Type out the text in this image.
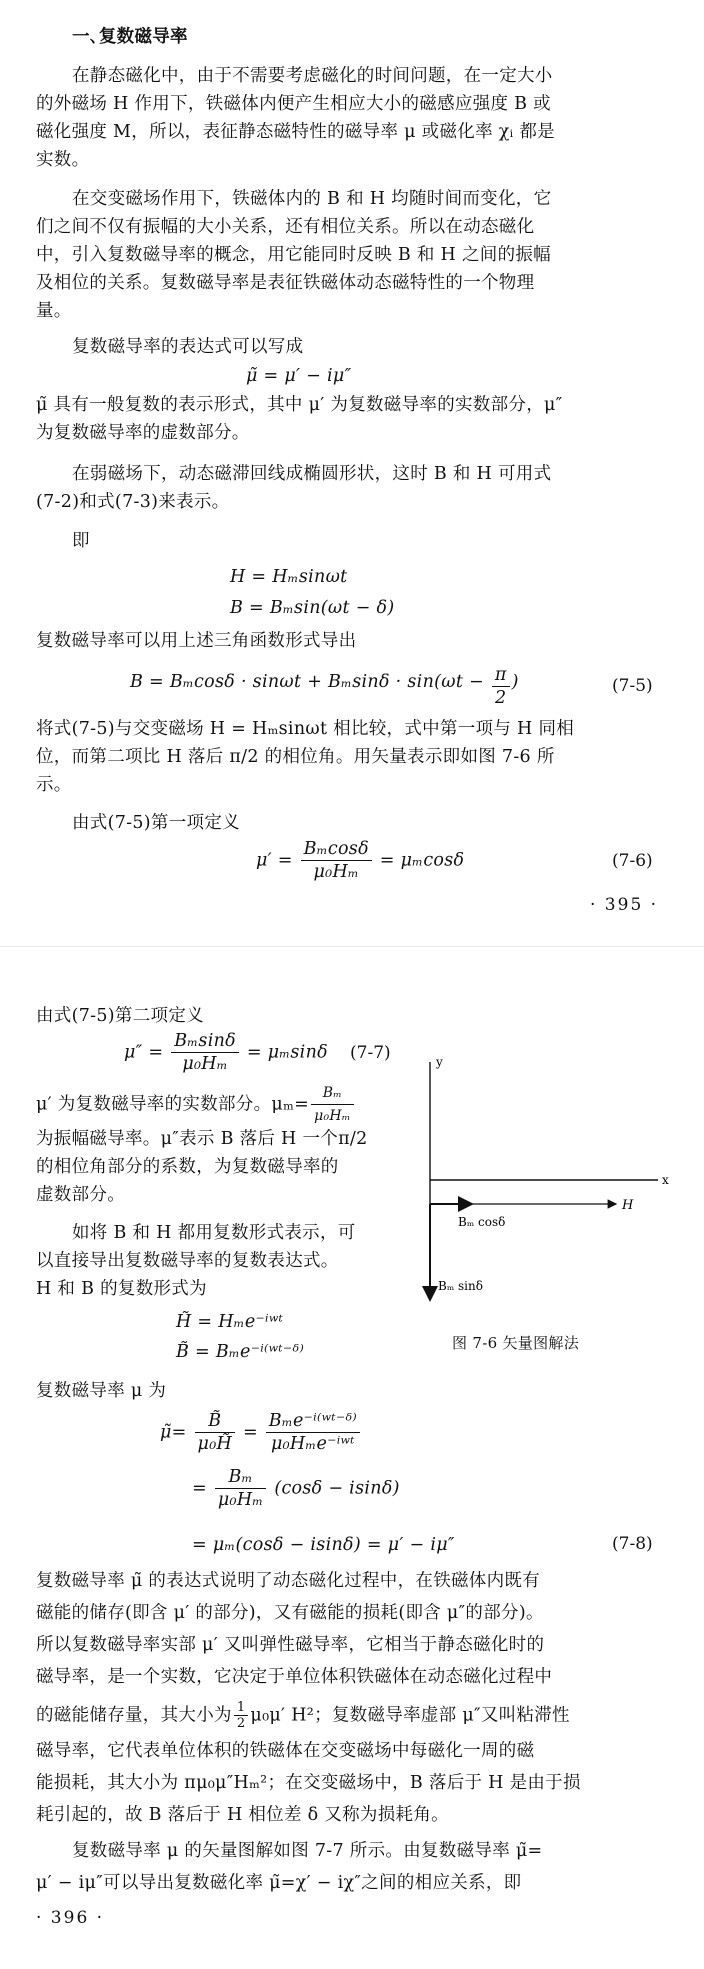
一､复数磁导率
在静态磁化中，由于不需要考虑磁化的时间问题，在一定大小
的外磁场 H 作用下，铁磁体内便产生相应大小的磁感应强度 B 或
磁化强度 M，所以，表征静态磁特性的磁导率 μ 或磁化率 χᵢ 都是
实数。
在交变磁场作用下，铁磁体内的 B 和 H 均随时间而变化，它
们之间不仅有振幅的大小关系，还有相位关系。所以在动态磁化
中，引入复数磁导率的概念，用它能同时反映 B 和 H 之间的振幅
及相位的关系。复数磁导率是表征铁磁体动态磁特性的一个物理
量。
复数磁导率的表达式可以写成
μ̃ = μ′ − iμ″
μ̃ 具有一般复数的表示形式，其中 μ′ 为复数磁导率的实数部分，μ″
为复数磁导率的虚数部分。
在弱磁场下，动态磁滞回线成椭圆形状，这时 B 和 H 可用式
(7-2)和式(7-3)来表示。
即
H = Hₘsinωt
B = Bₘsin(ωt − δ)
复数磁导率可以用上述三角函数形式导出
$B = B_m\cos\delta \cdot \sin\omega t + B_m\sin\delta \cdot \sin(\omega t - \frac{\pi}{2}$ )	(7-5)
将式(7-5)与交变磁场 H = Hₘsinωt 相比较，式中第一项与 H 同相
位，而第二项比 H 落后 π/2 的相位角。用矢量表示即如图 7-6 所
示。
由式(7-5)第一项定义
$\mu' = \frac{\text{Bₘcosδ}}{\text{μ₀Hₘ}} = \mu_m\cos\delta$	(7-6)
· 395 ·
由式(7-5)第二项定义
$\mu'' = \frac{\text{Bₘsinδ}}{\text{μ₀Hₘ}} = \mu_m\sin\delta$ (7-7)
μ′ 为复数磁导率的实数部分。$\mu_m= \frac{\text{Bₘ}}{\text{μ₀Hₘ}}$
为振幅磁导率。μ″表示 B 落后 H 一个π/2
的相位角部分的系数，为复数磁导率的
虚数部分。
如将 B 和 H 都用复数形式表示，可
以直接导出复数磁导率的复数表达式。
H 和 B 的复数形式为
H̃ = Hₘe⁻ⁱʷᵗ
B̃ = Bₘe⁻ⁱ⁽ʷᵗ⁻ᵟ⁾
y
x
H
Bₘ cosδ
Bₘ sinδ
图 7-6 矢量图解法
复数磁导率 μ 为
μ̃= $\frac{B̃}{\text{μ₀H̃}} = \frac{\text{Bₘe⁻ⁱ⁽ʷᵗ⁻ᵟ⁾}}{\text{μ₀Hₘe⁻ⁱʷᵗ}}$
= $\frac{\text{Bₘ}}{\text{μ₀Hₘ}} (\cos\delta - isin\delta)$
= μₘ(cosδ − isinδ) = μ′ − iμ″	(7-8)
复数磁导率 μ̃ 的表达式说明了动态磁化过程中，在铁磁体内既有
磁能的储存(即含 μ′ 的部分)，又有磁能的损耗(即含 μ″的部分)。
所以复数磁导率实部 μ′ 又叫弹性磁导率，它相当于静态磁化时的
磁导率，是一个实数，它决定于单位体积铁磁体在动态磁化过程中
的磁能储存量，其大小为 $\frac{1}{2} \mu_0\mu'$ H²；复数磁导率虚部 μ″又叫粘滞性
磁导率，它代表单位体积的铁磁体在交变磁场中每磁化一周的磁
能损耗，其大小为 πμ₀μ″Hₘ²；在交变磁场中，B 落后于 H 是由于损
耗引起的，故 B 落后于 H 相位差 δ 又称为损耗角。
复数磁导率 μ 的矢量图解如图 7-7 所示。由复数磁导率 μ̃=
μ′ − iμ″可以导出复数磁化率 μ̃=χ′ − iχ″之间的相应关系，即
· 396 ·
